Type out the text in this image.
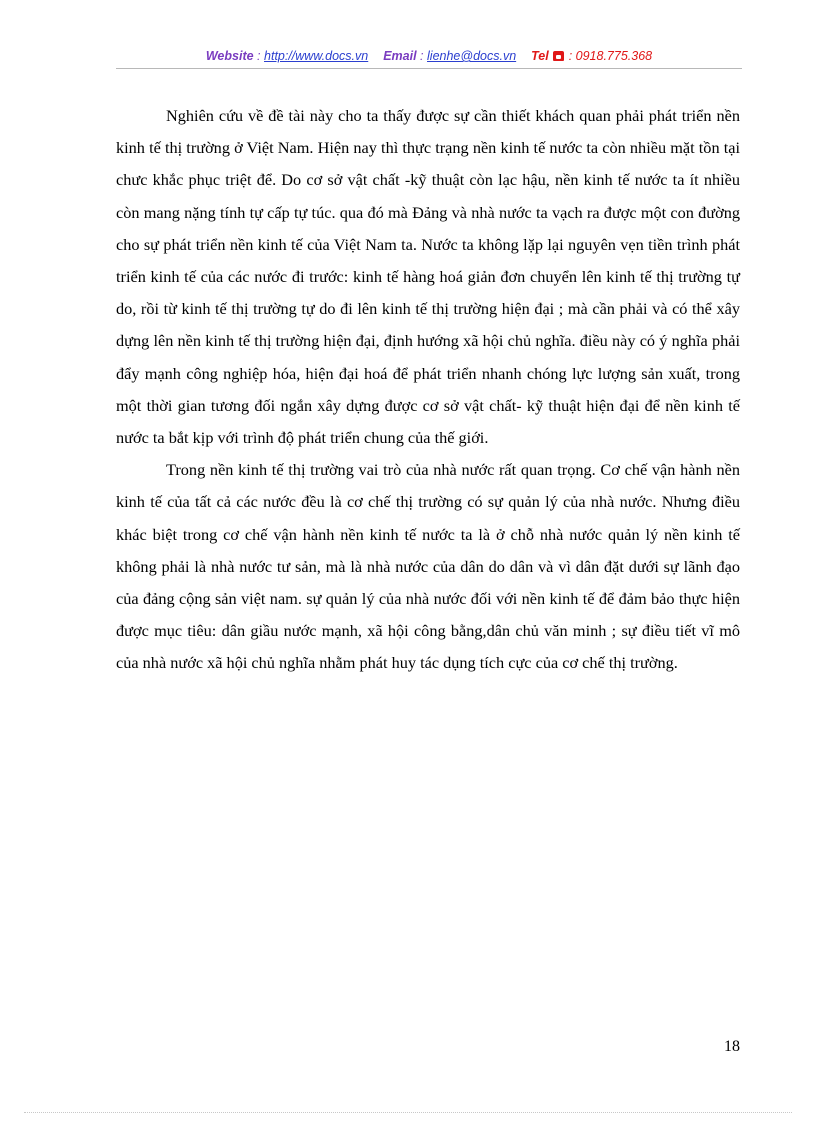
Website : http://www.docs.vn Email : lienhe@docs.vn Tel : 0918.775.368

Nghiên cứu về đề tài này cho ta thấy được sự cần thiết khách quan phải phát triển nền kinh tế thị trường ở Việt Nam. Hiện nay thì thực trạng nền kinh tế nước ta còn nhiều mặt tồn tại chưc khắc phục triệt để. Do cơ sở vật chất -kỹ thuật còn lạc hậu, nền kinh tế nước ta ít nhiều còn mang nặng tính tự cấp tự túc. qua đó mà Đảng và nhà nước ta vạch ra được một con đường cho sự phát triển nền kinh tế của Việt Nam ta. Nước ta không lặp lại nguyên vẹn tiền trình phát triển kinh tế của các nước đi trước: kinh tế hàng hoá giản đơn chuyển lên kinh tế thị trường tự do, rồi từ kinh tế thị trường tự do đi lên kinh tế thị trường hiện đại ; mà cần phải và có thể xây dựng lên nền kinh tế thị trường hiện đại, định hướng xã hội chủ nghĩa. điều này có ý nghĩa phải đẩy mạnh công nghiệp hóa, hiện đại hoá để phát triển nhanh chóng lực lượng sản xuất, trong một thời gian tương đối ngắn xây dựng được cơ sở vật chất- kỹ thuật hiện đại để nền kinh tế nước ta bắt kịp với trình độ phát triển chung của thế giới.

Trong nền kinh tế thị trường vai trò của nhà nước rất quan trọng. Cơ chế vận hành nền kinh tế của tất cả các nước đều là cơ chế thị trường có sự quản lý của nhà nước. Nhưng điều khác biệt trong cơ chế vận hành nền kinh tế nước ta là ở chỗ nhà nước quản lý nền kinh tế không phải là nhà nước tư sản, mà là nhà nước của dân do dân và vì dân đặt dưới sự lãnh đạo của đảng cộng sản việt nam. sự quản lý của nhà nước đối với nền kinh tế để đảm bảo thực hiện được mục tiêu: dân giầu nước mạnh, xã hội công bằng,dân chủ văn minh ; sự điều tiết vĩ mô của nhà nước xã hội chủ nghĩa nhằm phát huy tác dụng tích cực của cơ chế thị trường.

18
